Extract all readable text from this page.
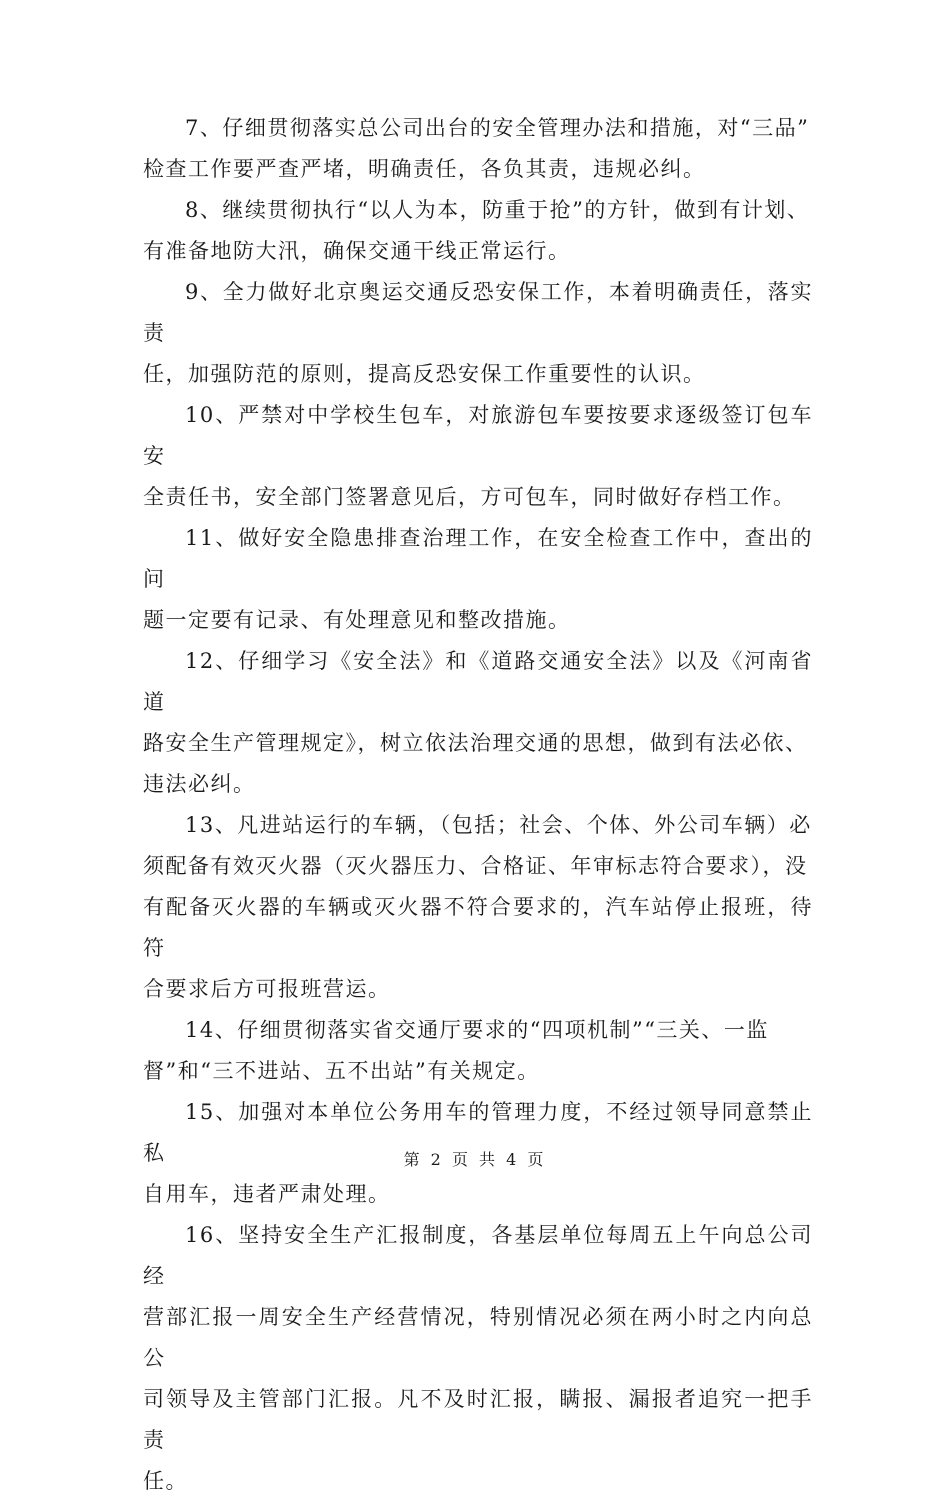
7、仔细贯彻落实总公司出台的安全管理办法和措施，对“三品”
检查工作要严查严堵，明确责任，各负其责，违规必纠。

8、继续贯彻执行“以人为本，防重于抢”的方针，做到有计划、
有准备地防大汛，确保交通干线正常运行。

9、全力做好北京奥运交通反恐安保工作，本着明确责任，落实责
任，加强防范的原则，提高反恐安保工作重要性的认识。

10、严禁对中学校生包车，对旅游包车要按要求逐级签订包车安
全责任书，安全部门签署意见后，方可包车，同时做好存档工作。

11、做好安全隐患排查治理工作，在安全检查工作中，查出的问
题一定要有记录、有处理意见和整改措施。

12、仔细学习《安全法》和《道路交通安全法》以及《河南省道
路安全生产管理规定》，树立依法治理交通的思想，做到有法必依、
违法必纠。

13、凡进站运行的车辆，（包括；社会、个体、外公司车辆）必
须配备有效灭火器（灭火器压力、合格证、年审标志符合要求），没
有配备灭火器的车辆或灭火器不符合要求的，汽车站停止报班，待符
合要求后方可报班营运。

14、仔细贯彻落实省交通厅要求的“四项机制”“三关、一监
督”和“三不进站、五不出站”有关规定。

15、加强对本单位公务用车的管理力度，不经过领导同意禁止私
自用车，违者严肃处理。

16、坚持安全生产汇报制度，各基层单位每周五上午向总公司经
营部汇报一周安全生产经营情况，特别情况必须在两小时之内向总公
司领导及主管部门汇报。凡不及时汇报，瞒报、漏报者追究一把手责
任。

第 2 页 共 4 页
